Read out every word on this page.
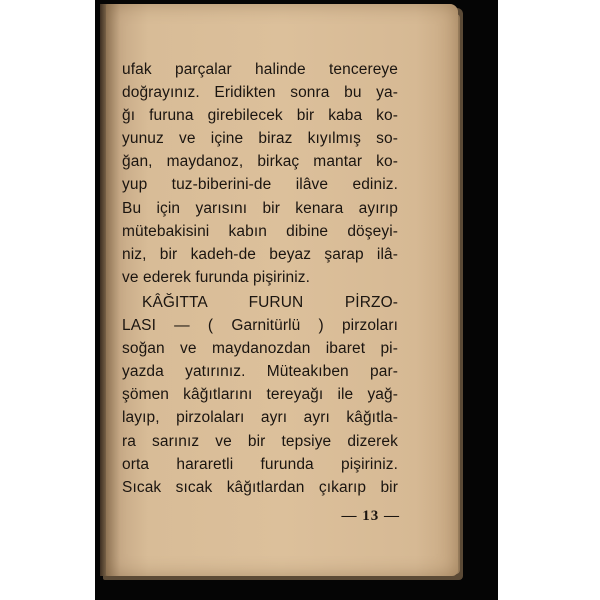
ufak parçalar halinde tencereye
doğrayınız. Eridikten sonra bu ya-
ğı furuna girebilecek bir kaba ko-
yunuz ve içine biraz kıyılmış so-
ğan, maydanoz, birkaç mantar ko-
yup tuz-biberini-de ilâve ediniz.
Bu için yarısını bir kenara ayırıp
mütebakisini kabın dibine döşeyi-
niz, bir kadeh-de beyaz şarap ilâ-
ve ederek furunda pişiriniz.
KÂĞITTA FURUN PİRZO-
LASI — ( Garnitürlü ) pirzoları
soğan ve maydanozdan ibaret pi-
yazda yatırınız. Müteakıben par-
şömen kâğıtlarını tereyağı ile yağ-
layıp, pirzolaları ayrı ayrı kâğıtla-
ra sarınız ve bir tepsiye dizerek
orta hararetli furunda pişiriniz.
Sıcak sıcak kâğıtlardan çıkarıp bir
— 13 —
